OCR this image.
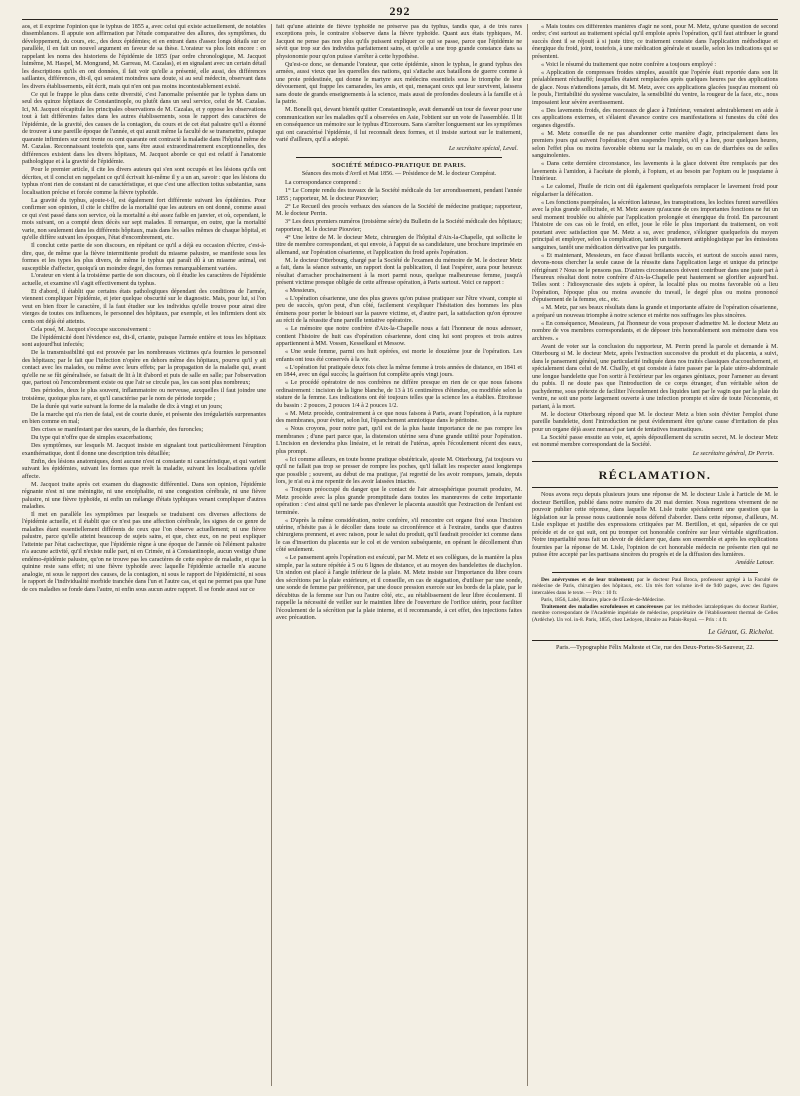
292

aos, et il exprime l'opinion que le typhus de 1855 a, avec celui qui existe actuellement, de notables dissemblances. Il appuie son affirmation par l'étude comparative des allures, des symptômes, du développement, du cours, etc., des deux épidémies; et en entrant dans d'assez longs détails sur ce parallèle, il en fait un nouvel argument en faveur de sa thèse. L'orateur va plus loin encore : en rappelant les noms des historiens de l'épidémie de 1855 (par ordre chronologique, M. Jacquot luimême, M. Haspel, M. Mongrand, M. Garreau, M. Cazalas), et en signalant avec un certain détail les descriptions qu'ils en ont données, il fait voir qu'elle a présenté, elle aussi, des différences saillantes, différences, dit-il, qui seraient moindres sans doute, si au seul médecin, observant dans les divers établissements, eût écrit, mais qui n'en ont pas moins incontestablement existé.

Ce qui le frappe le plus dans cette diversité, c'est l'anomalie présentée par le typhus dans un seul des quinze hôpitaux de Constantinople, ou plutôt dans un seul service, celui de M. Cazalas. Ici, M. Jacquot récapitule les principales observations de M. Cazalas, et y oppose les observations tout à fait différentes faites dans les autres établissements, sous le rapport des caractères de l'épidémie, de la gravité, des causes de la contagion, du cours et de cet état palustre qu'il a étonné de trouver à une pareille époque de l'année, et qui aurait même la faculté de se transmettre, puisque quarante infirmiers sur cent trente ou cent quarante ont contracté la maladie dans l'hôpital même de M. Cazalas. Reconnaissant toutefois que, sans être aussi extraordinairement exceptionnelles, des différences existent dans les divers hôpitaux, M. Jacquot aborde ce qui est relatif à l'anatomie pathologique et à la gravité de l'épidémie.

Pour le premier article, il cite les divers auteurs qui s'en sont occupés et les lésions qu'ils ont décrites, et il conclut en rappelant ce qu'il écrivait lui-même il y a un an, savoir : que les lésions du typhus n'ont rien de constant ni de caractéristique, et que c'est une affection totius substantiæ, sans localisation précise et forcée comme la fièvre typhoïde.

La gravité du typhus, ajoute-t-il, est également fort différente suivant les épidémies. Pour confirmer son opinion, il cite le chiffre de la mortalité que les auteurs en ont donné, comme aussi ce qui s'est passé dans son service, où la mortalité a été assez faible en janvier, et où, cependant, le mois suivant, on a compté deux décès sur sept malades. Il remarque, en outre, que la mortalité varie, non seulement dans les différents hôpitaux, mais dans les salles mêmes de chaque hôpital, et qu'elle diffère suivant les époques, l'état d'encombrement, etc.

Il conclut cette partie de son discours, en répétant ce qu'il a déjà eu occasion d'écrire, c'est-à-dire, que, de même que la fièvre intermittente produit du miasme palustre, se manifeste sous les formes et les types les plus divers, de même le typhus qui paraît dû à un miasme animal, est susceptible d'affecter, quoiqu'à un moindre degré, des formes remarquablement variées.

L'orateur en vient à la troisième partie de son discours, où il étudie les caractères de l'épidémie actuelle, et examine s'il s'agit effectivement du typhus.

Et d'abord, il établit que certains états pathologiques dépendant des conditions de l'armée, viennent compliquer l'épidémie, et jeter quelque obscurité sur le diagnostic. Mais, pour lui, si l'on veut en bien fixer le caractère, il la faut étudier sur les individus qu'elle trouve pour ainsi dire vierges de toutes ces influences, le personnel des hôpitaux, par exemple, et les infirmiers dont six cents ont déjà été atteints.

Cela posé, M. Jacquot s'occupe successivement :

De l'épidémicité dont l'évidence est, dit-il, criante, puisque l'armée entière et tous les hôpitaux sont aujourd'hui infectés;

De la transmissibilité qui est prouvée par les nombreuses victimes qu'a fournies le personnel des hôpitaux; par le fait que l'infection n'opère en dehors même des hôpitaux, pourvu qu'il y ait contact avec les malades, ou même avec leurs effets; par la propagation de la maladie qui, avant qu'elle ne se fût généralisée, se faisait de lit à lit d'abord et puis de salle en salle; par l'observation que, partout où l'encombrement existe ou que l'air se circule pas, les cas sont plus nombreux;

Des périodes, deux le plus souvent, inflammatoire ou nerveuse, auxquelles il faut joindre une troisième, quoique plus rare, et qu'il caractérise par le nom de période torpide ;

De la durée qui varie suivant la forme de la maladie de dix à vingt et un jours;

De la marche qui n'a rien de fatal, est de courte durée, et présente des irrégularités surprenantes en bien comme en mal;

Des crises se manifestant par des sueurs, de la diarrhée, des furoncles;

Du type qui n'offre que de simples exacerbations;

Des symptômes, sur lesquels M. Jacquot insiste en signalant tout particulièrement l'éruption exanthématique, dont il donne une description très détaillée;

Enfin, des lésions anatomiques, dont aucune n'est ni constante ni caractéristique, et qui varient suivant les épidémies, suivant les formes que revêt la maladie, suivant les localisations qu'elle affecte.

M. Jacquot traite après cet examen du diagnostic différentiel. Dans son opinion, l'épidémie régnante n'est ni une méningite, ni une encéphalite, ni une congestion cérébrale, ni une fièvre palustre, ni une fièvre typhoïde, ni enfin un mélange d'états typhiques venant compliquer d'autres maladies.

Il met en parallèle les symptômes par lesquels se traduisent ces diverses affections de l'épidémie actuelle, et il établit que ce n'est pas une affection cérébrale, les signes de ce genre de maladies étant essentiellement différents de ceux que l'on observe actuellement; ni une fièvre palustre, parce qu'elle atteint beaucoup de sujets sains, et que, chez eux, on ne peut expliquer l'atteinte par l'état cachectique, que l'épidémie règne à une époque de l'année où l'élément palustre n'a aucune activité, qu'il n'existe nulle part, ni en Crimée, ni à Constantinople, aucun vestige d'une endémo-épidémie palustre, qu'on ne trouve pas les caractères de cette espèce de maladie, et que la quinine reste sans effet; ni une fièvre typhoïde avec laquelle l'épidémie actuelle n'a aucune analogie, ni sous le rapport des causes, de la contagion, ni sous le rapport de l'épidémicité, ni sous le rapport de l'individualité morbide tranchée dans l'un et l'autre cas, et qui ne permet pas que l'une de ces maladies se fonde dans l'autre, ni enfin sous aucun autre rapport. Il se fonde aussi sur ce

fait qu'une atteinte de fièvre typhoïde ne préserve pas du typhus, tandis que, à de très rares exceptions près, le contraire s'observe dans la fièvre typhoïde. Quant aux états typhiques, M. Jacquot ne pense pas non plus qu'ils puissent expliquer ce qui se passe, parce que l'épidémie ne sévit que trop sur des individus parfaitement sains, et qu'elle a une trop grande constance dans sa physionomie pour qu'on puisse s'arrêter à cette hypothèse.

Qu'est-ce donc, se demande l'orateur, que cette épidémie, sinon le typhus, le grand typhus des armées, aussi vieux que les querelles des nations, qui s'attache aux bataillons de guerre comme à une proie prédestinée, qui donne le martyre aux médecins essentiels sous le triomphe de leur dévouement, qui frappe les camarades, les amis, et qui, menaçant ceux qui leur survivent, laissera sans doute de grands enseignements à la science, mais aussi de profondes douleurs à la famille et à la patrie.

M. Bonelli qui, devant bientôt quitter Constantinople, avait demandé un tour de faveur pour une communication sur les maladies qu'il a observées en Asie, l'obtient sur un vote de l'assemblée. Il lit en conséquence un mémoire sur le typhus d'Erzeroum. Sans s'arrêter longuement sur les symptômes qui ont caractérisé l'épidémie, il lui reconnaît deux formes, et il insiste surtout sur le traitement, varié d'ailleurs, qu'il a adopté.

Le secrétaire spécial, Leval.

SOCIÉTÉ MÉDICO-PRATIQUE DE PARIS.

Séances des mois d'Avril et Mai 1856. — Présidence de M. le docteur Compérat.

La correspondance comprend :

1° Le Compte rendu des travaux de la Société médicale du 1er arrondissement, pendant l'année 1855 ; rapporteur, M. le docteur Piouvier;

2° Le Recueil des procès verbaux des séances de la Société de médecine pratique; rapporteur, M. le docteur Perrin.

3° Les deux premiers numéros (troisième série) du Bulletin de la Société médicale des hôpitaux; rapporteur, M. le docteur Piouvier;

4° Une lettre de M. le docteur Metz, chirurgien de l'hôpital d'Aix-la-Chapelle, qui sollicite le titre de membre correspondant, et qui envoie, à l'appui de sa candidature, une brochure imprimée en allemand, sur l'opération césarienne, et l'application du froid après l'opération.

M. le docteur Otterbourg, chargé par la Société de l'examen du mémoire de M. le docteur Metz a fait, dans la séance suivante, un rapport dont la publication, il faut l'espérer, aura pour heureux résultat d'arracher prochainement à la mort parmi nous, quelque malheureuse femme, jusqu'à présent victime presque obligée de cette affreuse opération, à Paris surtout. Voici ce rapport :

« Messieurs,

« L'opération césarienne, une des plus graves qu'on puisse pratiquer sur l'être vivant, compte si peu de succès, qu'on peut, d'un côté, facilement s'expliquer l'hésitation des hommes les plus éminens pour porter le bistouri sur la pauvre victime, et, d'autre part, la satisfaction qu'on éprouve au récit de la réussite d'une pareille tentative opératoire.

« Le mémoire que notre confrère d'Aix-la-Chapelle nous a fait l'honneur de nous adresser, contient l'histoire de huit cas d'opération césarienne, dont cinq lui sont propres et trois autres appartiennent à MM. Vossen, Kesselkaul et Messow.

« Une seule femme, parmi ces huit opérées, est morte le douzième jour de l'opération. Les enfants ont tous été conservés à la vie.

« L'opération fut pratiquée deux fois chez la même femme à trois années de distance, en 1841 et en 1844, avec un égal succès; la guérison fut complète après vingt jours.

« Le procédé opératoire de nos confrères ne diffère presque en rien de ce que nous faisons ordinairement : incision de la ligne blanche, de 13 à 16 centimètres d'étendue, ou modifiée selon la stature de la femme. Les indications ont été toujours telles que la science les a établies. Étroitesse du bassin : 2 pouces, 2 pouces 1/4 à 2 pouces 1/2.

« M. Metz procède, contrairement à ce que nous faisons à Paris, avant l'opération, à la rupture des membranes, pour éviter, selon lui, l'épanchement amniotique dans le péritoine.

« Nous croyons, pour notre part, qu'il est de la plus haute importance de ne pas rompre les membranes ; d'une part parce que, la distension utérine sera d'une grande utilité pour l'opération. L'incision en deviendra plus linéaire, et le retrait de l'utérus, après l'écoulement récent des eaux, plus prompt.

« Ici comme ailleurs, en toute bonne pratique obstétricale, ajoute M. Otterbourg, j'ai toujours vu qu'il ne fallait pas trop se presser de rompre les poches, qu'il fallait les respecter aussi longtemps que possible ; souvent, au début de ma pratique, j'ai regretté de les avoir rompues, jamais, depuis lors, je n'ai eu à me repentir de les avoir laissées intactes.

« Toujours préoccupé du danger que le contact de l'air atmosphérique pourrait produire, M. Metz procède avec la plus grande promptitude dans toutes les manœuvres de cette importante opération : c'est ainsi qu'il ne tarde pas d'enlever le placenta aussitôt que l'extraction de l'enfant est terminée.

« D'après la même considération, notre confrère, s'il rencontre cet organe fixé sous l'incision utérine, n'hésite pas à le décoller dans toute sa circonférence et à l'extraire, tandis que d'autres chirurgiens prennent, et avec raison, pour le salut du produit, qu'il faudrait procéder ici comme dans le cas d'insertion du placenta sur le col et de version subséquente, en opérant le décollement d'un côté seulement.

« Le pansement après l'opération est exécuté, par M. Metz et ses collègues, de la manière la plus simple, par la suture répétée à 5 ou 6 lignes de distance, et au moyen des bandelettes de diachylon. Un sindon est placé à l'angle inférieur de la plaie. M. Metz insiste sur l'importance du libre cours des sécrétions par la plaie extérieure, et il conseille, en cas de stagnation, d'utiliser par une sonde, une sonde de femme par préférence, par une douce pression exercée sur les bords de la plaie, par le décubitus de la femme sur l'un ou l'autre côté, etc., au rétablissement de leur libre écoulement. Il rappelle la nécessité de veiller sur le maintien libre de l'ouverture de l'orifice utérin, pour faciliter l'écoulement de la sécrétion par la plaie interne, et il recommande, à cet effet, des injections faites avec précaution.

« Mais toutes ces différentes manières d'agir ne sont, pour M. Metz, qu'une question de second ordre; c'est surtout au traitement spécial qu'il emploie après l'opération, qu'il faut attribuer le grand succès dont il se réjouit à si juste titre; ce traitement consiste dans l'application méthodique et énergique du froid, joint, toutefois, à une médication générale et usuelle, selon les indications qui se présentent.

« Voici le résumé du traitement que notre confrère a toujours employé :

« Application de compresses froides simples, aussitôt que l'opérée était reportée dans son lit préalablement réchauffé; lesquelles étaient remplacées après quelques heures par des applications de glace. Nous n'attendions jamais, dit M. Metz, avec ces applications glacées jusqu'au moment où le pouls, l'irritabilité du système vasculaire, la sensibilité du ventre, la rougeur de la face, etc., nous imposaient leur sévère avertissement.

« Des lavements froids, des morceaux de glace à l'intérieur, venaient admirablement en aide à ces applications externes, et s'élaient d'avance contre ces manifestations si funestes du côté des organes digestifs.

« M. Metz conseille de ne pas abandonner cette manière d'agir, principalement dans les premiers jours qui suivent l'opération; d'en suspendre l'emploi, s'il y a lieu, pour quelques heures, selon l'effet plus ou moins favorable obtenu sur la malade, ou en cas de diarrhées ou de selles sanguinolentes.

« Dans cette dernière circonstance, les lavements à la glace doivent être remplacés par des lavements à l'amidon, à l'acétate de plomb, à l'opium, et au besoin par l'opium ou le jusquiame à l'intérieur.

« Le calomel, l'huile de ricin ont dû également quelquefois remplacer le lavement froid pour régulariser la défécation.

« Les fonctions puerpérales, la sécrétion laiteuse, les transpirations, les lochies furent surveillées avec la plus grande sollicitude, et M. Metz assure qu'aucune de ces importantes fonctions ne fut un seul moment troublée ou altérée par l'application prolongée et énergique du froid. En parcourant l'histoire de ces cas où le froid, en effet, joue le rôle le plus important du traitement, on voit pourtant avec satisfaction que M. Metz a su, avec prudence, s'éloigner quelquefois du moyen principal et employer, selon la complication, tantôt un traitement antiphlogistique par les émissions sanguines, tantôt une médication dérivative par les purgatifs.

« Et maintenant, Messieurs, en face d'aussi brillants succès, et surtout de succès aussi rares, devons-nous chercher la seule cause de la réussite dans l'application large et unique du principe réfrigérant ? Nous ne le pensons pas. D'autres circonstances doivent contribuer dans une juste part à l'heureux résultat dont notre confrère d'Aix-la-Chapelle peut hautement se glorifier aujourd'hui. Telles sont : l'idiosyncrasie des sujets à opérer, la localité plus ou moins favorable où a lieu l'opération, l'époque plus ou moins avancée du travail, le degré plus ou moins prononcé d'épuisement de la femme, etc., etc.

« M. Metz, par ses beaux résultats dans la grande et importante affaire de l'opération césarienne, a préparé un nouveau triomphe à notre science et mérite nos suffrages les plus sincères.

« En conséquence, Messieurs, j'ai l'honneur de vous proposer d'admettre M. le docteur Metz au nombre de vos membres correspondants, et de déposer très honorablement son mémoire dans vos archives. »

Avant de voter sur la conclusion du rapporteur, M. Perrin prend la parole et demande à M. Otterbourg si M. le docteur Metz, après l'extraction successive du produit et du placenta, a suivi, dans le pansement général, une particularité indiquée dans nos traités classiques d'accouchement, et spécialement dans celui de M. Chailly, et qui consiste à faire passer par la plaie utéro-abdominale une longue bandelette que l'on sortir à l'extérieur par les organes génitaux, pour l'amener au devant du pubis. Il ne doute pas que l'introduction de ce corps étranger, d'un véritable séton de pachyderme, sous prétexte de faciliter l'écoulement des liquides tant par le vagin que par la plaie du ventre, ne soit une porte largement ouverte à une infection prompte et sûre de toute l'économie, et pariant, à la mort.

M. le docteur Otterbourg répond que M. le docteur Metz a bien soin d'éviter l'emploi d'une pareille bandelette, dont l'introduction ne peut évidemment être qu'une cause d'irritation de plus pour un organe déjà assez menacé par tant de tentatives traumatiques.

La Société passe ensuite au vote, et, après dépouillement du scrutin secret, M. le docteur Metz est nommé membre correspondant de la Société.

Le secrétaire général, Dr Perrin.

RÉCLAMATION.

Nous avons reçu depuis plusieurs jours une réponse de M. le docteur Lisle à l'article de M. le docteur Bertillon, publié dans notre numéro du 20 mai dernier. Nous regrettons vivement de ne pouvoir publier cette réponse, dans laquelle M. Lisle traite spécialement une question que la législation sur la presse nous cautionnée nous défend d'aborder. Dans cette réponse, d'ailleurs, M. Lisle explique et justifie des expressions critiquées par M. Bertillon, et qui, séparées de ce qui précède et de ce qui suit, ont pu tromper cet honorable confrère sur leur véritable signification. Notre impartialité nous fait un devoir de déclarer que, dans son ensemble et après les explications fournies par la réponse de M. Lisle, l'opinion de cet honorable médecin ne présente rien qui ne puisse être accepté par les partisans sincères du progrès et de la diffusion des lumières.

Amédée Latour.

Des anévrysmes et de leur traitement; par le docteur Paul Broca, professeur agrégé à la Faculté de médecine de Paris, chirurgien des hôpitaux, etc. Un très fort volume in-8 de 940 pages, avec des figures intercalées dans le texte. — Prix : 10 fr.

Paris, 1856, Labé, libraire, place de l'École-de-Médecine.

Traitement des maladies scrofuleuses et cancéreuses par les méthodes iatraleptiques du docteur Barbier, membre correspondant de l'Académie impériale de médecine, propriétaire de l'établissement thermal de Celles (Ardèche). Un vol. in-8. Paris, 1856, chez Ledoyen, libraire au Palais-Royal. — Prix : 4 fr.

Le Gérant, G. Richelot.
Paris.—Typographie Félix Malteste et Cie, rue des Deux-Portes-St-Sauveur, 22.
